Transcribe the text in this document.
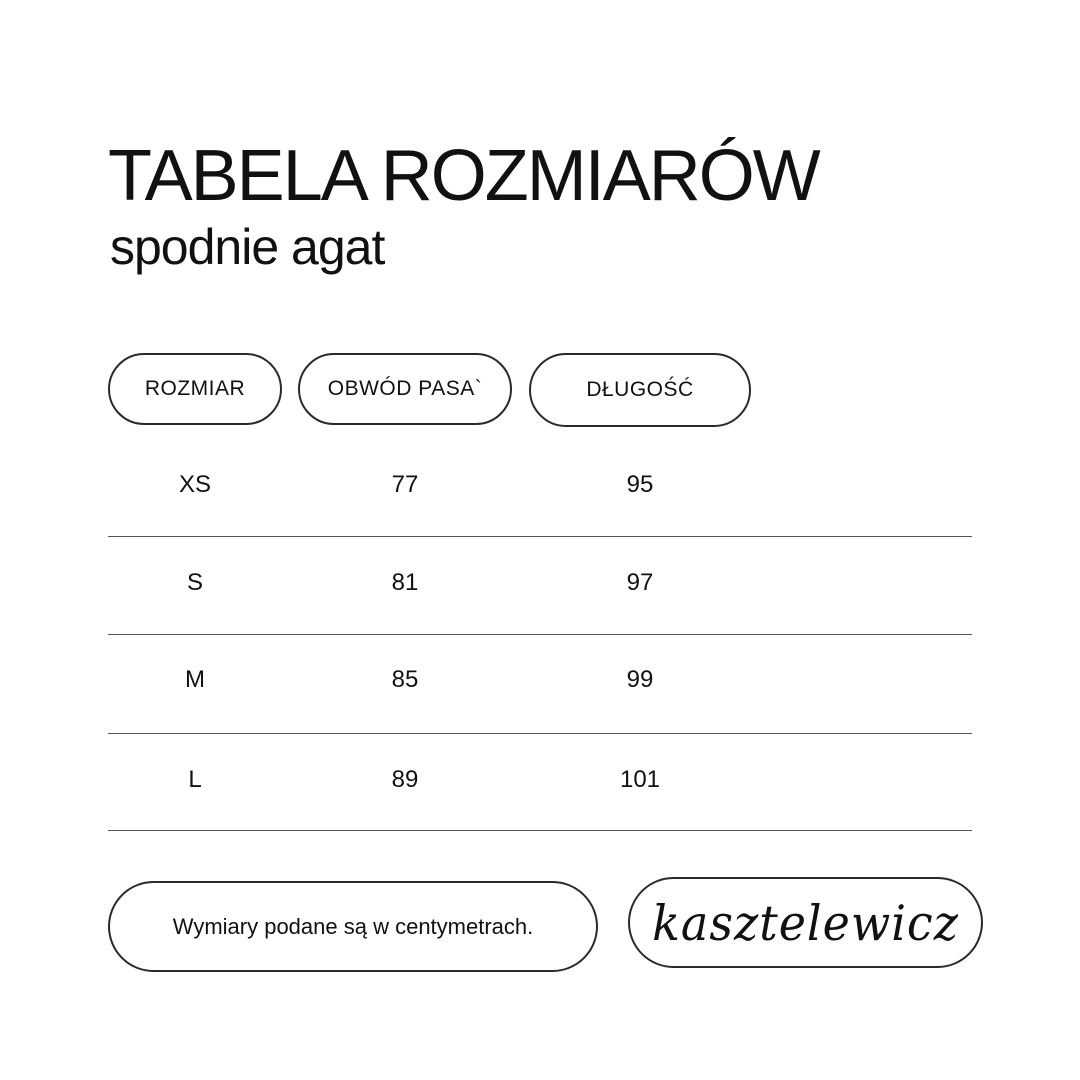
TABELA ROZMIARÓW
spodnie agat
ROZMIAR	OBWÓD PASA`	DŁUGOŚĆ
XS	77	95
S	81	97
M	85	99
L	89	101
Wymiary podane są w centymetrach.	kasztelewicz
